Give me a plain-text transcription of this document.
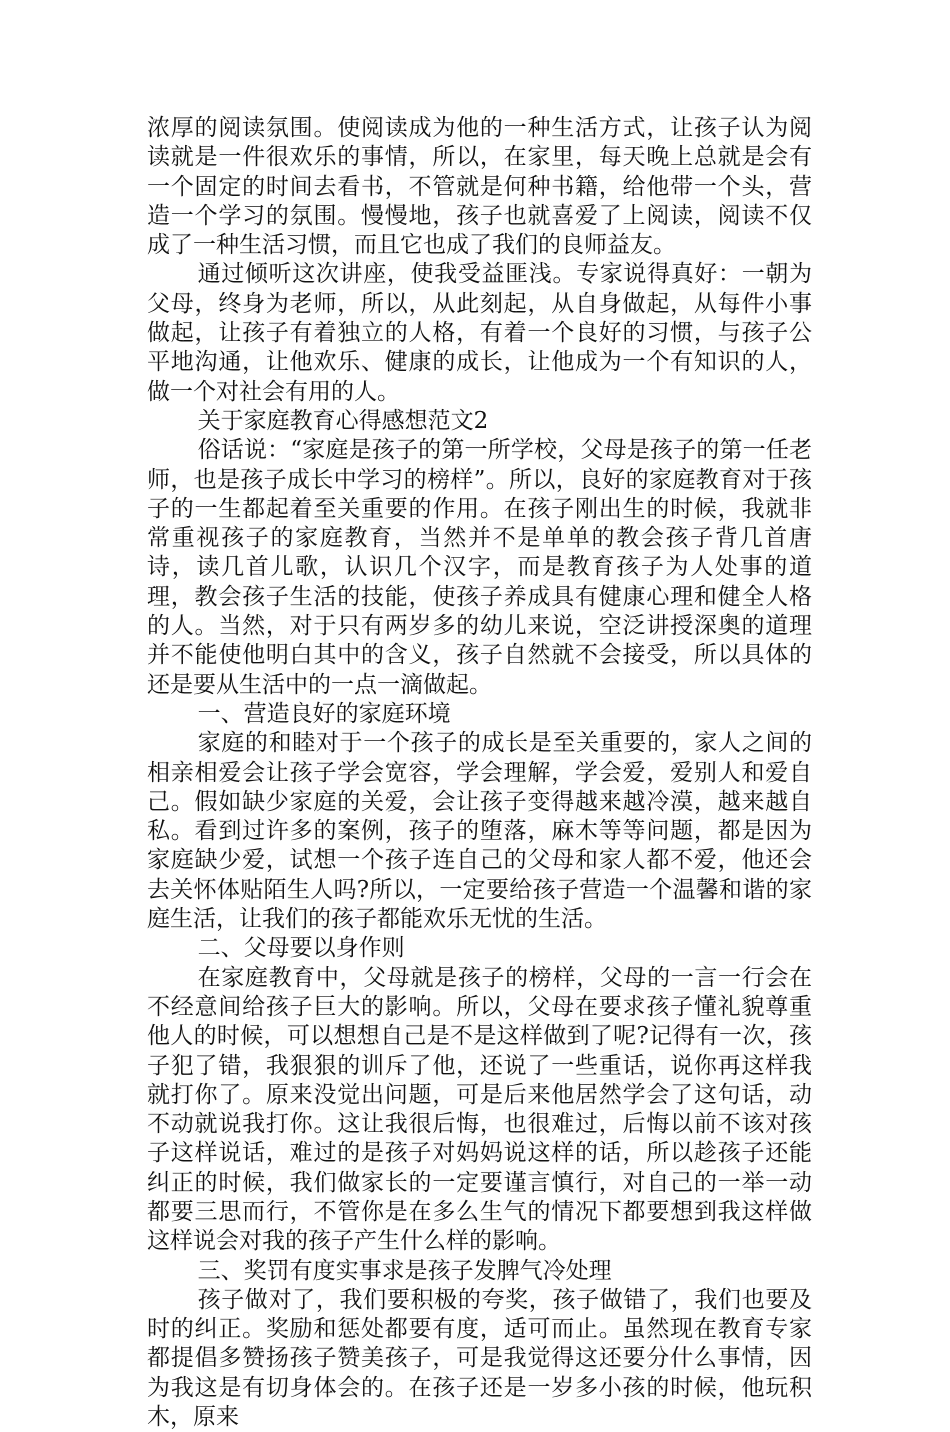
浓厚的阅读氛围。使阅读成为他的一种生活方式，让孩子认为阅读就是一件很欢乐的事情，所以，在家里，每天晚上总就是会有一个固定的时间去看书，不管就是何种书籍，给他带一个头，营造一个学习的氛围。慢慢地，孩子也就喜爱了上阅读，阅读不仅成了一种生活习惯，而且它也成了我们的良师益友。

通过倾听这次讲座，使我受益匪浅。专家说得真好：一朝为父母，终身为老师，所以，从此刻起，从自身做起，从每件小事做起，让孩子有着独立的人格，有着一个良好的习惯，与孩子公平地沟通，让他欢乐、健康的成长，让他成为一个有知识的人，做一个对社会有用的人。

关于家庭教育心得感想范文2

俗话说：“家庭是孩子的第一所学校，父母是孩子的第一任老师，也是孩子成长中学习的榜样”。所以，良好的家庭教育对于孩子的一生都起着至关重要的作用。在孩子刚出生的时候，我就非常重视孩子的家庭教育，当然并不是单单的教会孩子背几首唐诗，读几首儿歌，认识几个汉字，而是教育孩子为人处事的道理，教会孩子生活的技能，使孩子养成具有健康心理和健全人格的人。当然，对于只有两岁多的幼儿来说，空泛讲授深奥的道理并不能使他明白其中的含义，孩子自然就不会接受，所以具体的还是要从生活中的一点一滴做起。

一、营造良好的家庭环境

家庭的和睦对于一个孩子的成长是至关重要的，家人之间的相亲相爱会让孩子学会宽容，学会理解，学会爱，爱别人和爱自己。假如缺少家庭的关爱，会让孩子变得越来越冷漠，越来越自私。看到过许多的案例，孩子的堕落，麻木等等问题，都是因为家庭缺少爱，试想一个孩子连自己的父母和家人都不爱，他还会去关怀体贴陌生人吗?所以，一定要给孩子营造一个温馨和谐的家庭生活，让我们的孩子都能欢乐无忧的生活。

二、父母要以身作则

在家庭教育中，父母就是孩子的榜样，父母的一言一行会在不经意间给孩子巨大的影响。所以，父母在要求孩子懂礼貌尊重他人的时候，可以想想自己是不是这样做到了呢?记得有一次，孩子犯了错，我狠狠的训斥了他，还说了一些重话，说你再这样我就打你了。原来没觉出问题，可是后来他居然学会了这句话，动不动就说我打你。这让我很后悔，也很难过，后悔以前不该对孩子这样说话，难过的是孩子对妈妈说这样的话，所以趁孩子还能纠正的时候，我们做家长的一定要谨言慎行，对自己的一举一动都要三思而行，不管你是在多么生气的情况下都要想到我这样做这样说会对我的孩子产生什么样的影响。

三、奖罚有度实事求是孩子发脾气冷处理

孩子做对了，我们要积极的夸奖，孩子做错了，我们也要及时的纠正。奖励和惩处都要有度，适可而止。虽然现在教育专家都提倡多赞扬孩子赞美孩子，可是我觉得这还要分什么事情，因为我这是有切身体会的。在孩子还是一岁多小孩的时候，他玩积木，原来
